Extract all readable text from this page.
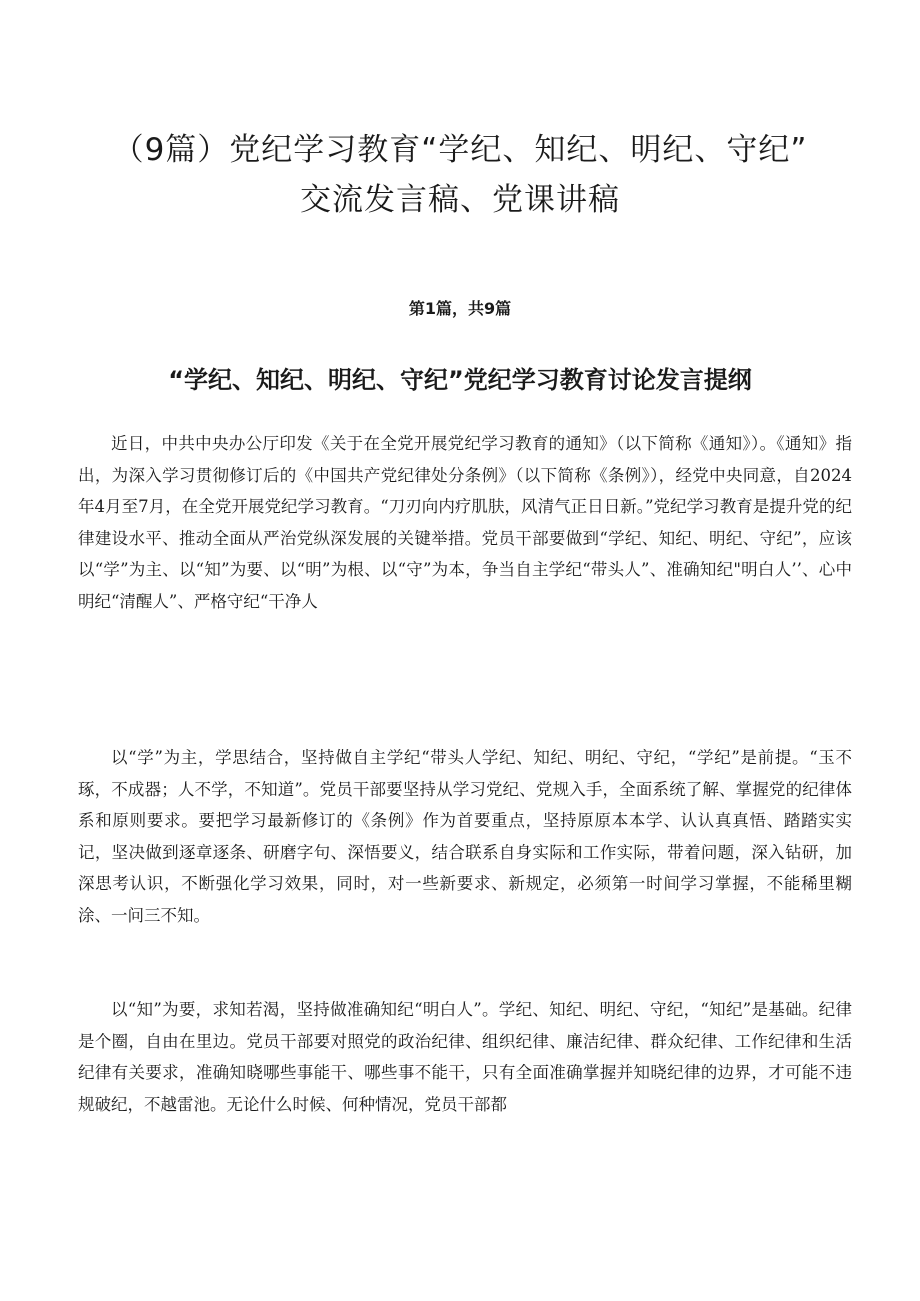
（9篇）党纪学习教育“学纪、知纪、明纪、守纪”
交流发言稿、党课讲稿
第1篇，共9篇
“学纪、知纪、明纪、守纪”党纪学习教育讨论发言提纲

近日，中共中央办公厅印发《关于在全党开展党纪学习教育的通知》（以下简称《通知》）。《通知》指出，为深入学习贯彻修订后的《中国共产党纪律处分条例》（以下简称《条例》），经党中央同意，自2024年4月至7月，在全党开展党纪学习教育。“刀刃向内疗肌肤，风清气正日日新。”党纪学习教育是提升党的纪律建设水平、推动全面从严治党纵深发展的关键举措。党员干部要做到“学纪、知纪、明纪、守纪”，应该以“学”为主、以“知”为要、以“明”为根、以“守”为本，争当自主学纪“带头人”、准确知纪"明白人’’、心中明纪“清醒人”、严格守纪“干净人

以“学”为主，学思结合，坚持做自主学纪“带头人学纪、知纪、明纪、守纪，“学纪”是前提。“玉不琢，不成器；人不学，不知道”。党员干部要坚持从学习党纪、党规入手，全面系统了解、掌握党的纪律体系和原则要求。要把学习最新修订的《条例》作为首要重点，坚持原原本本学、认认真真悟、踏踏实实记，坚决做到逐章逐条、研磨字句、深悟要义，结合联系自身实际和工作实际，带着问题，深入钻研，加深思考认识，不断强化学习效果，同时，对一些新要求、新规定，必须第一时间学习掌握，不能稀里糊涂、一问三不知。

以“知”为要，求知若渴，坚持做准确知纪“明白人”。学纪、知纪、明纪、守纪，“知纪”是基础。纪律是个圈，自由在里边。党员干部要对照党的政治纪律、组织纪律、廉洁纪律、群众纪律、工作纪律和生活纪律有关要求，准确知晓哪些事能干、哪些事不能干，只有全面准确掌握并知晓纪律的边界，才可能不违规破纪，不越雷池。无论什么时候、何种情况，党员干部都
